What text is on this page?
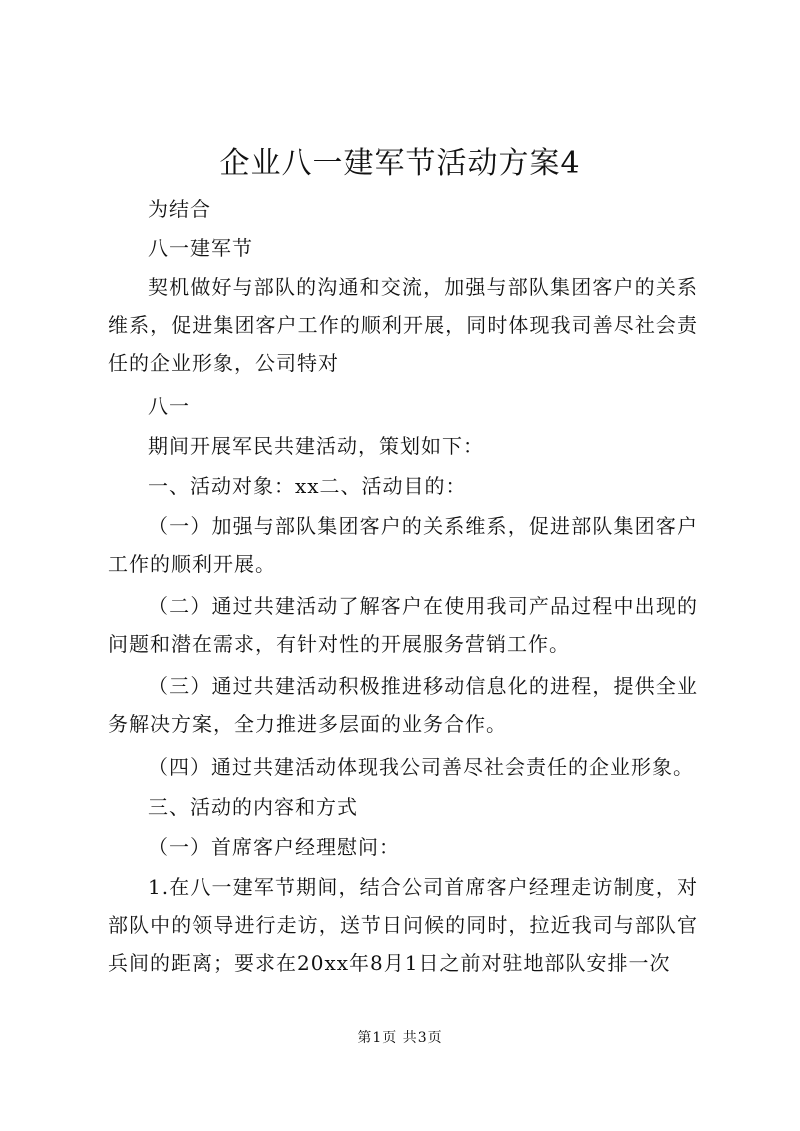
企业八一建军节活动方案4

为结合

八一建军节

契机做好与部队的沟通和交流，加强与部队集团客户的关系维系，促进集团客户工作的顺利开展，同时体现我司善尽社会责任的企业形象，公司特对

八一

期间开展军民共建活动，策划如下：

一、活动对象：xx二、活动目的：

（一）加强与部队集团客户的关系维系，促进部队集团客户工作的顺利开展。

（二）通过共建活动了解客户在使用我司产品过程中出现的问题和潜在需求，有针对性的开展服务营销工作。

（三）通过共建活动积极推进移动信息化的进程，提供全业务解决方案，全力推进多层面的业务合作。

（四）通过共建活动体现我公司善尽社会责任的企业形象。

三、活动的内容和方式

（一）首席客户经理慰问：

1.在八一建军节期间，结合公司首席客户经理走访制度，对部队中的领导进行走访，送节日问候的同时，拉近我司与部队官兵间的距离；要求在20xx年8月1日之前对驻地部队安排一次

第1页 共3页
